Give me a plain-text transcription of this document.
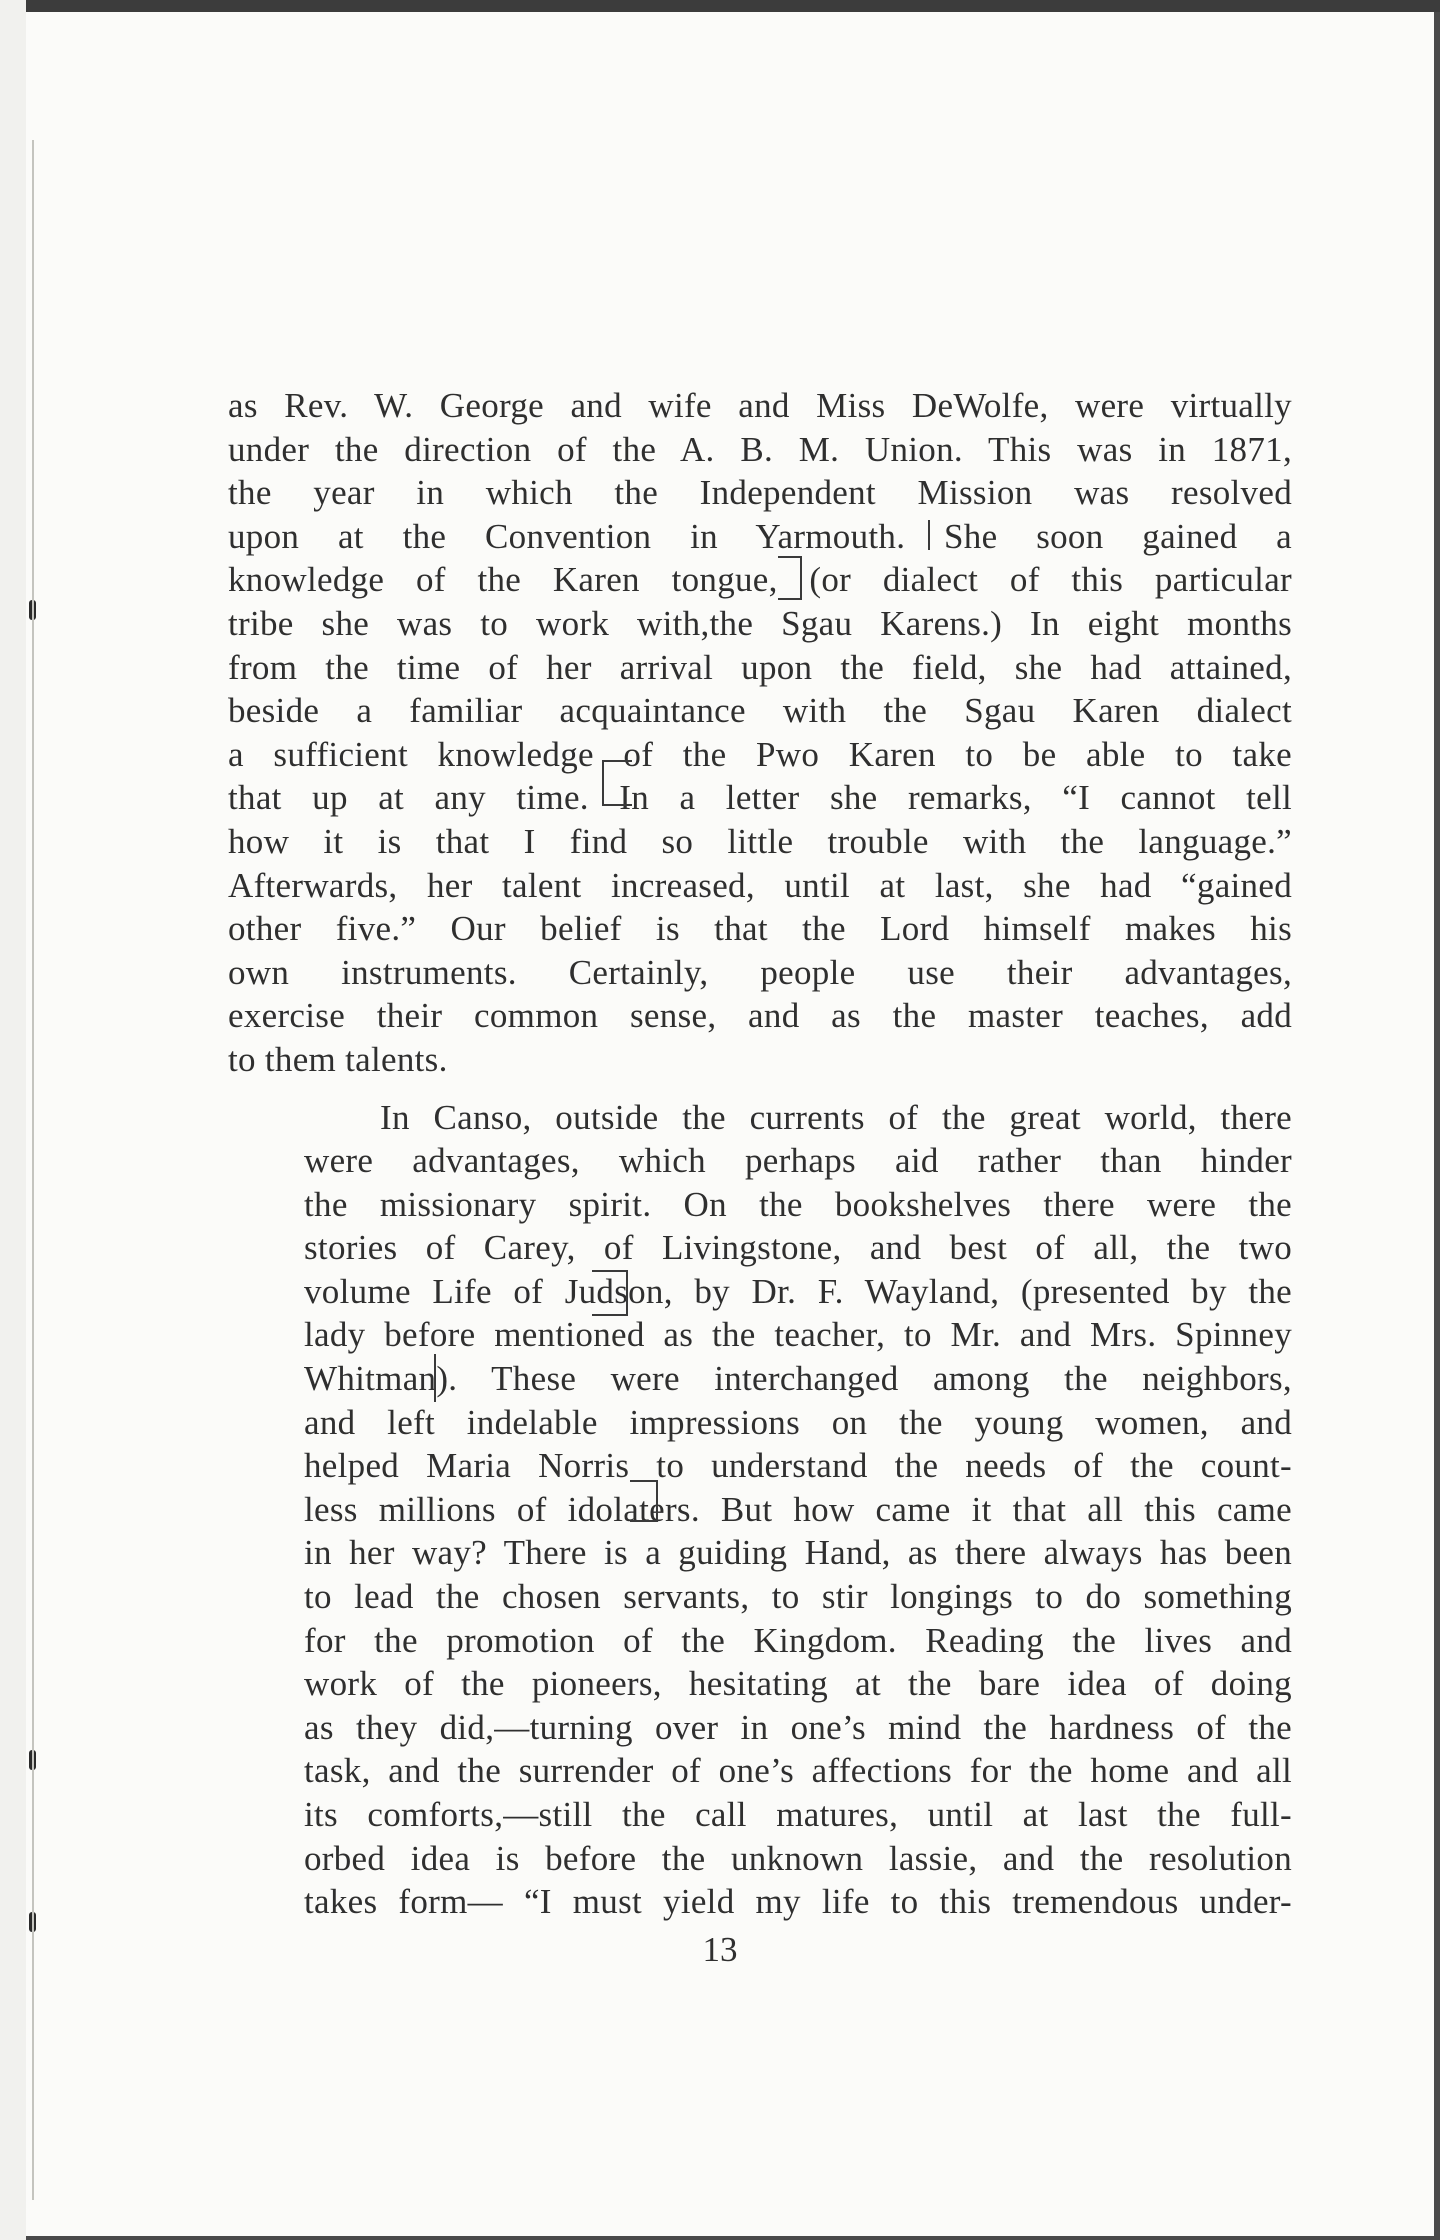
as Rev. W. George and wife and Miss DeWolfe, were virtually
under the direction of the A. B. M. Union. This was in 1871,
the year in which the Independent Mission was resolved
upon at the Convention in Yarmouth. She soon gained a
knowledge of the Karen tongue, (or dialect of this particular
tribe she was to work with,the Sgau Karens.) In eight months
from the time of her arrival upon the field, she had attained,
beside a familiar acquaintance with the Sgau Karen dialect
a sufficient knowledge of the Pwo Karen to be able to take
that up at any time. In a letter she remarks, “I cannot tell
how it is that I find so little trouble with the language.”
Afterwards, her talent increased, until at last, she had “gained
other five.” Our belief is that the Lord himself makes his
own instruments. Certainly, people use their advantages,
exercise their common sense, and as the master teaches, add
to them talents.
In Canso, outside the currents of the great world, there
were advantages, which perhaps aid rather than hinder
the missionary spirit. On the bookshelves there were the
stories of Carey, of Livingstone, and best of all, the two
volume Life of Judson, by Dr. F. Wayland, (presented by the
lady before mentioned as the teacher, to Mr. and Mrs. Spinney
Whitman). These were interchanged among the neighbors,
and left indelable impressions on the young women, and
helped Maria Norris to understand the needs of the count-
less millions of idolaters. But how came it that all this came
in her way? There is a guiding Hand, as there always has been
to lead the chosen servants, to stir longings to do something
for the promotion of the Kingdom. Reading the lives and
work of the pioneers, hesitating at the bare idea of doing
as they did,—turning over in one’s mind the hardness of the
task, and the surrender of one’s affections for the home and all
its comforts,—still the call matures, until at last the full-
orbed idea is before the unknown lassie, and the resolution
takes form— “I must yield my life to this tremendous under-
13
